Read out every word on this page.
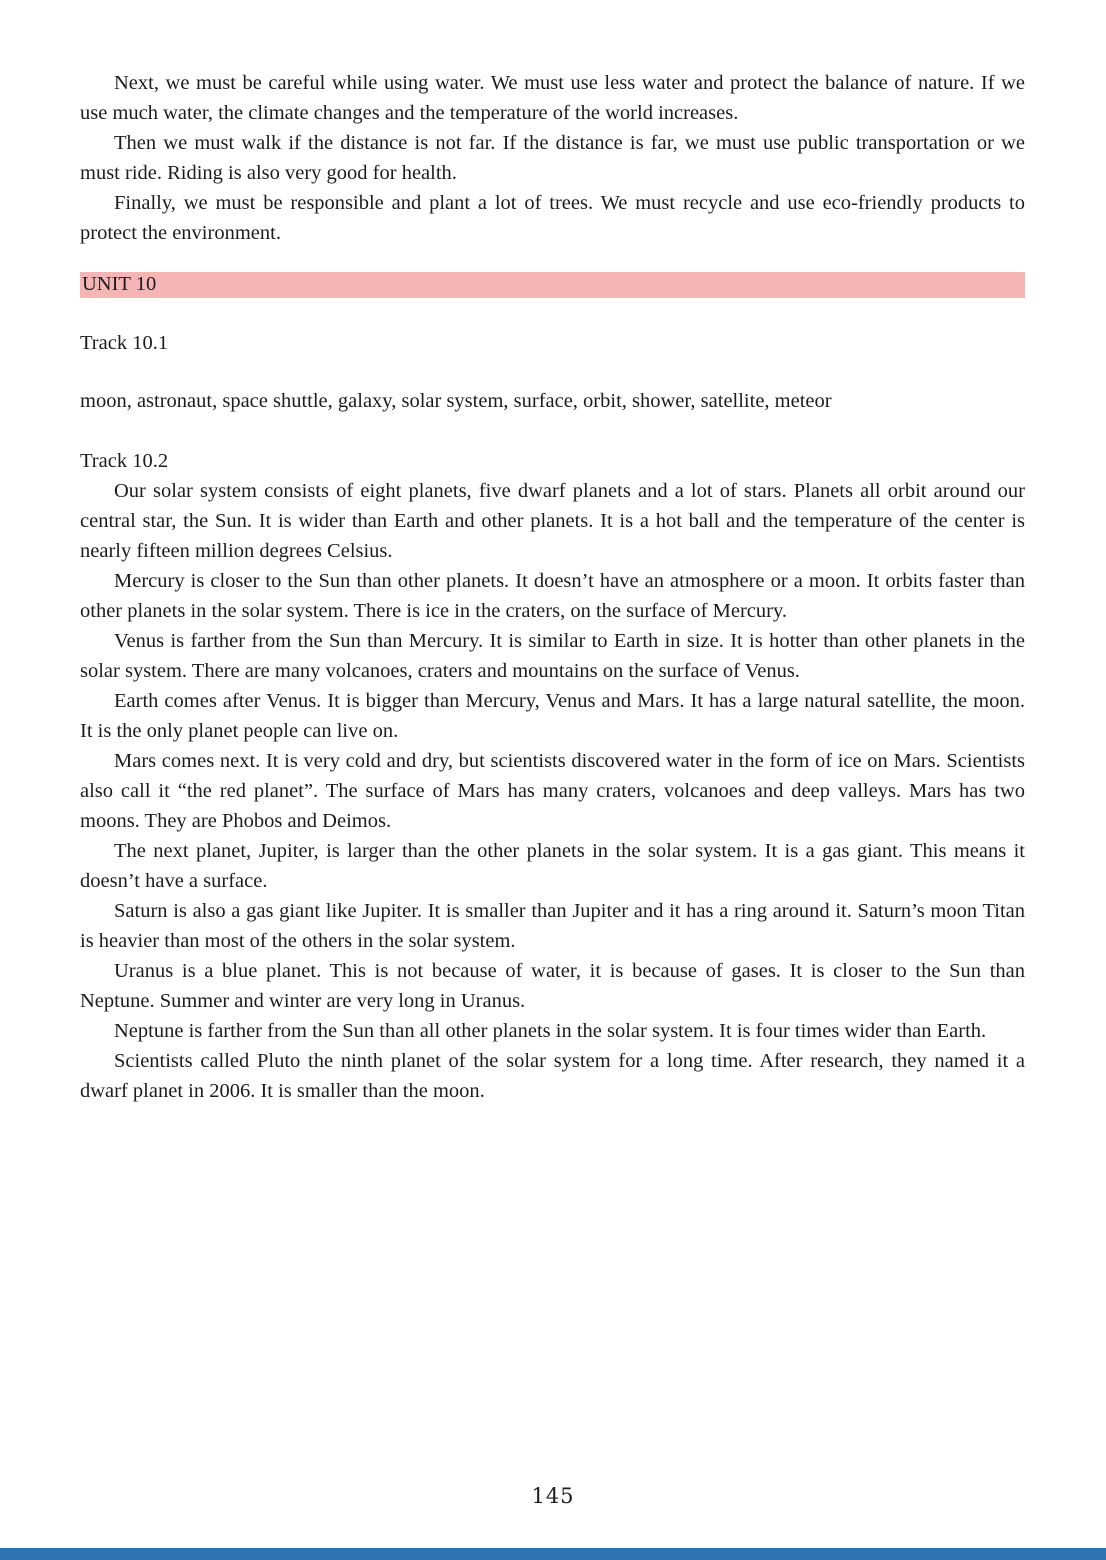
Next, we must be careful while using water. We must use less water and protect the balance of nature. If we use much water, the climate changes and the temperature of the world increases.

Then we must walk if the distance is not far. If the distance is far, we must use public transportation or we must ride. Riding is also very good for health.

Finally, we must be responsible and plant a lot of trees. We must recycle and use eco-friendly products to protect the environment.

UNIT 10

Track 10.1

moon, astronaut, space shuttle, galaxy, solar system, surface, orbit, shower, satellite, meteor

Track 10.2

Our solar system consists of eight planets, five dwarf planets and a lot of stars. Planets all orbit around our central star, the Sun. It is wider than Earth and other planets. It is a hot ball and the temperature of the center is nearly fifteen million degrees Celsius.

Mercury is closer to the Sun than other planets. It doesn’t have an atmosphere or a moon. It orbits faster than other planets in the solar system. There is ice in the craters, on the surface of Mercury.

Venus is farther from the Sun than Mercury. It is similar to Earth in size. It is hotter than other planets in the solar system. There are many volcanoes, craters and mountains on the surface of Venus.

Earth comes after Venus. It is bigger than Mercury, Venus and Mars. It has a large natural satellite, the moon. It is the only planet people can live on.

Mars comes next. It is very cold and dry, but scientists discovered water in the form of ice on Mars. Scientists also call it “the red planet”. The surface of Mars has many craters, volcanoes and deep valleys. Mars has two moons. They are Phobos and Deimos.

The next planet, Jupiter, is larger than the other planets in the solar system. It is a gas giant. This means it doesn’t have a surface.

Saturn is also a gas giant like Jupiter. It is smaller than Jupiter and it has a ring around it. Saturn’s moon Titan is heavier than most of the others in the solar system.

Uranus is a blue planet. This is not because of water, it is because of gases. It is closer to the Sun than Neptune. Summer and winter are very long in Uranus.

Neptune is farther from the Sun than all other planets in the solar system. It is four times wider than Earth.

Scientists called Pluto the ninth planet of the solar system for a long time. After research, they named it a dwarf planet in 2006. It is smaller than the moon.

145
